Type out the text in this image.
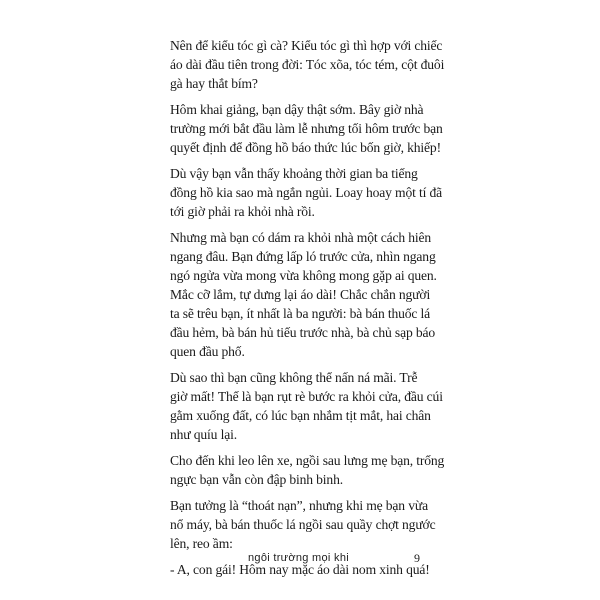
Nên để kiểu tóc gì cà? Kiểu tóc gì thì hợp với chiếc
áo dài đầu tiên trong đời: Tóc xõa, tóc tém, cột đuôi
gà hay thắt bím?

Hôm khai giảng, bạn dậy thật sớm. Bây giờ nhà
trường mới bắt đầu làm lễ nhưng tối hôm trước bạn
quyết định để đồng hồ báo thức lúc bốn giờ, khiếp!

Dù vậy bạn vẫn thấy khoảng thời gian ba tiếng
đồng hồ kia sao mà ngắn ngủi. Loay hoay một tí đã
tới giờ phải ra khỏi nhà rồi.

Nhưng mà bạn có dám ra khỏi nhà một cách hiên
ngang đâu. Bạn đứng lấp ló trước cửa, nhìn ngang
ngó ngửa vừa mong vừa không mong gặp ai quen.
Mắc cỡ lắm, tự dưng lại áo dài! Chắc chắn người
ta sẽ trêu bạn, ít nhất là ba người: bà bán thuốc lá
đầu hẻm, bà bán hủ tiếu trước nhà, bà chủ sạp báo
quen đầu phố.

Dù sao thì bạn cũng không thể nấn ná mãi. Trễ
giờ mất! Thế là bạn rụt rè bước ra khỏi cửa, đầu cúi
gằm xuống đất, có lúc bạn nhắm tịt mắt, hai chân
như quíu lại.

Cho đến khi leo lên xe, ngồi sau lưng mẹ bạn, trống
ngực bạn vẫn còn đập binh binh.

Bạn tưởng là “thoát nạn”, nhưng khi mẹ bạn vừa
nổ máy, bà bán thuốc lá ngồi sau quầy chợt ngước
lên, reo ầm:

- A, con gái! Hôm nay mặc áo dài nom xinh quá!

ngôi trường mọi khi	9
